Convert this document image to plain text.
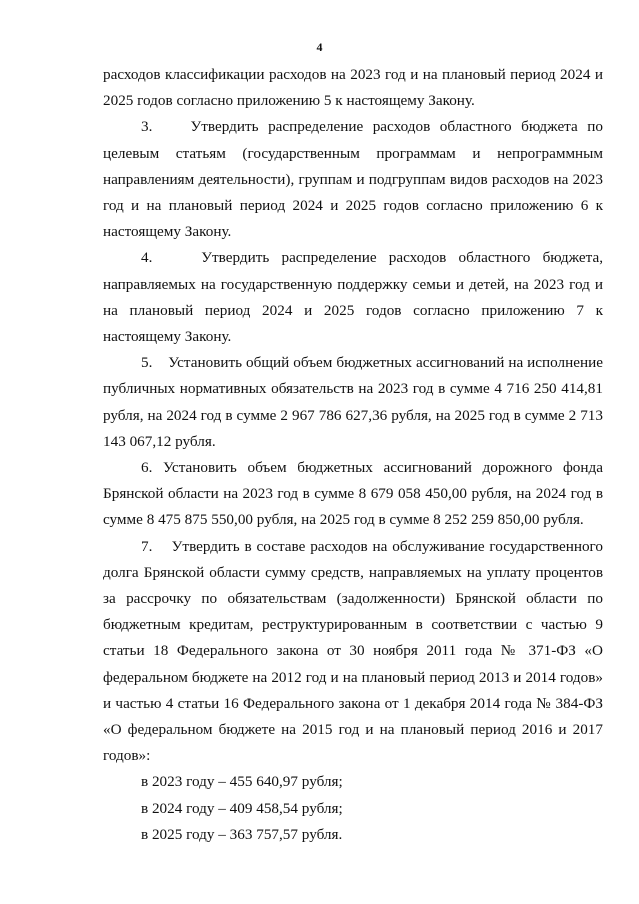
4

расходов классификации расходов на 2023 год и на плановый период 2024 и 2025 годов согласно приложению 5 к настоящему Закону.

3.    Утвердить распределение расходов областного бюджета по целевым статьям (государственным программам и непрограммным направлениям деятельности), группам и подгруппам видов расходов на 2023 год и на плановый период 2024 и 2025 годов согласно приложению 6 к настоящему Закону.

4.    Утвердить распределение расходов областного бюджета, направляемых на государственную поддержку семьи и детей, на 2023 год и на плановый период 2024 и 2025 годов согласно приложению 7 к настоящему Закону.

5.    Установить общий объем бюджетных ассигнований на исполнение публичных нормативных обязательств на 2023 год в сумме 4 716 250 414,81 рубля, на 2024 год в сумме 2 967 786 627,36 рубля, на 2025 год в сумме 2 713 143 067,12 рубля.

6. Установить объем бюджетных ассигнований дорожного фонда Брянской области на 2023 год в сумме 8 679 058 450,00 рубля, на 2024 год в сумме 8 475 875 550,00 рубля, на 2025 год в сумме 8 252 259 850,00 рубля.

7.    Утвердить в составе расходов на обслуживание государственного долга Брянской области сумму средств, направляемых на уплату процентов за рассрочку по обязательствам (задолженности) Брянской области по бюджетным кредитам, реструктурированным в соответствии с частью 9 статьи 18 Федерального закона от 30 ноября 2011 года № 371-ФЗ «О федеральном бюджете на 2012 год и на плановый период 2013 и 2014 годов» и частью 4 статьи 16 Федерального закона от 1 декабря 2014 года № 384-ФЗ «О федеральном бюджете на 2015 год и на плановый период 2016 и 2017 годов»:

в 2023 году – 455 640,97 рубля;
в 2024 году – 409 458,54 рубля;
в 2025 году – 363 757,57 рубля.
